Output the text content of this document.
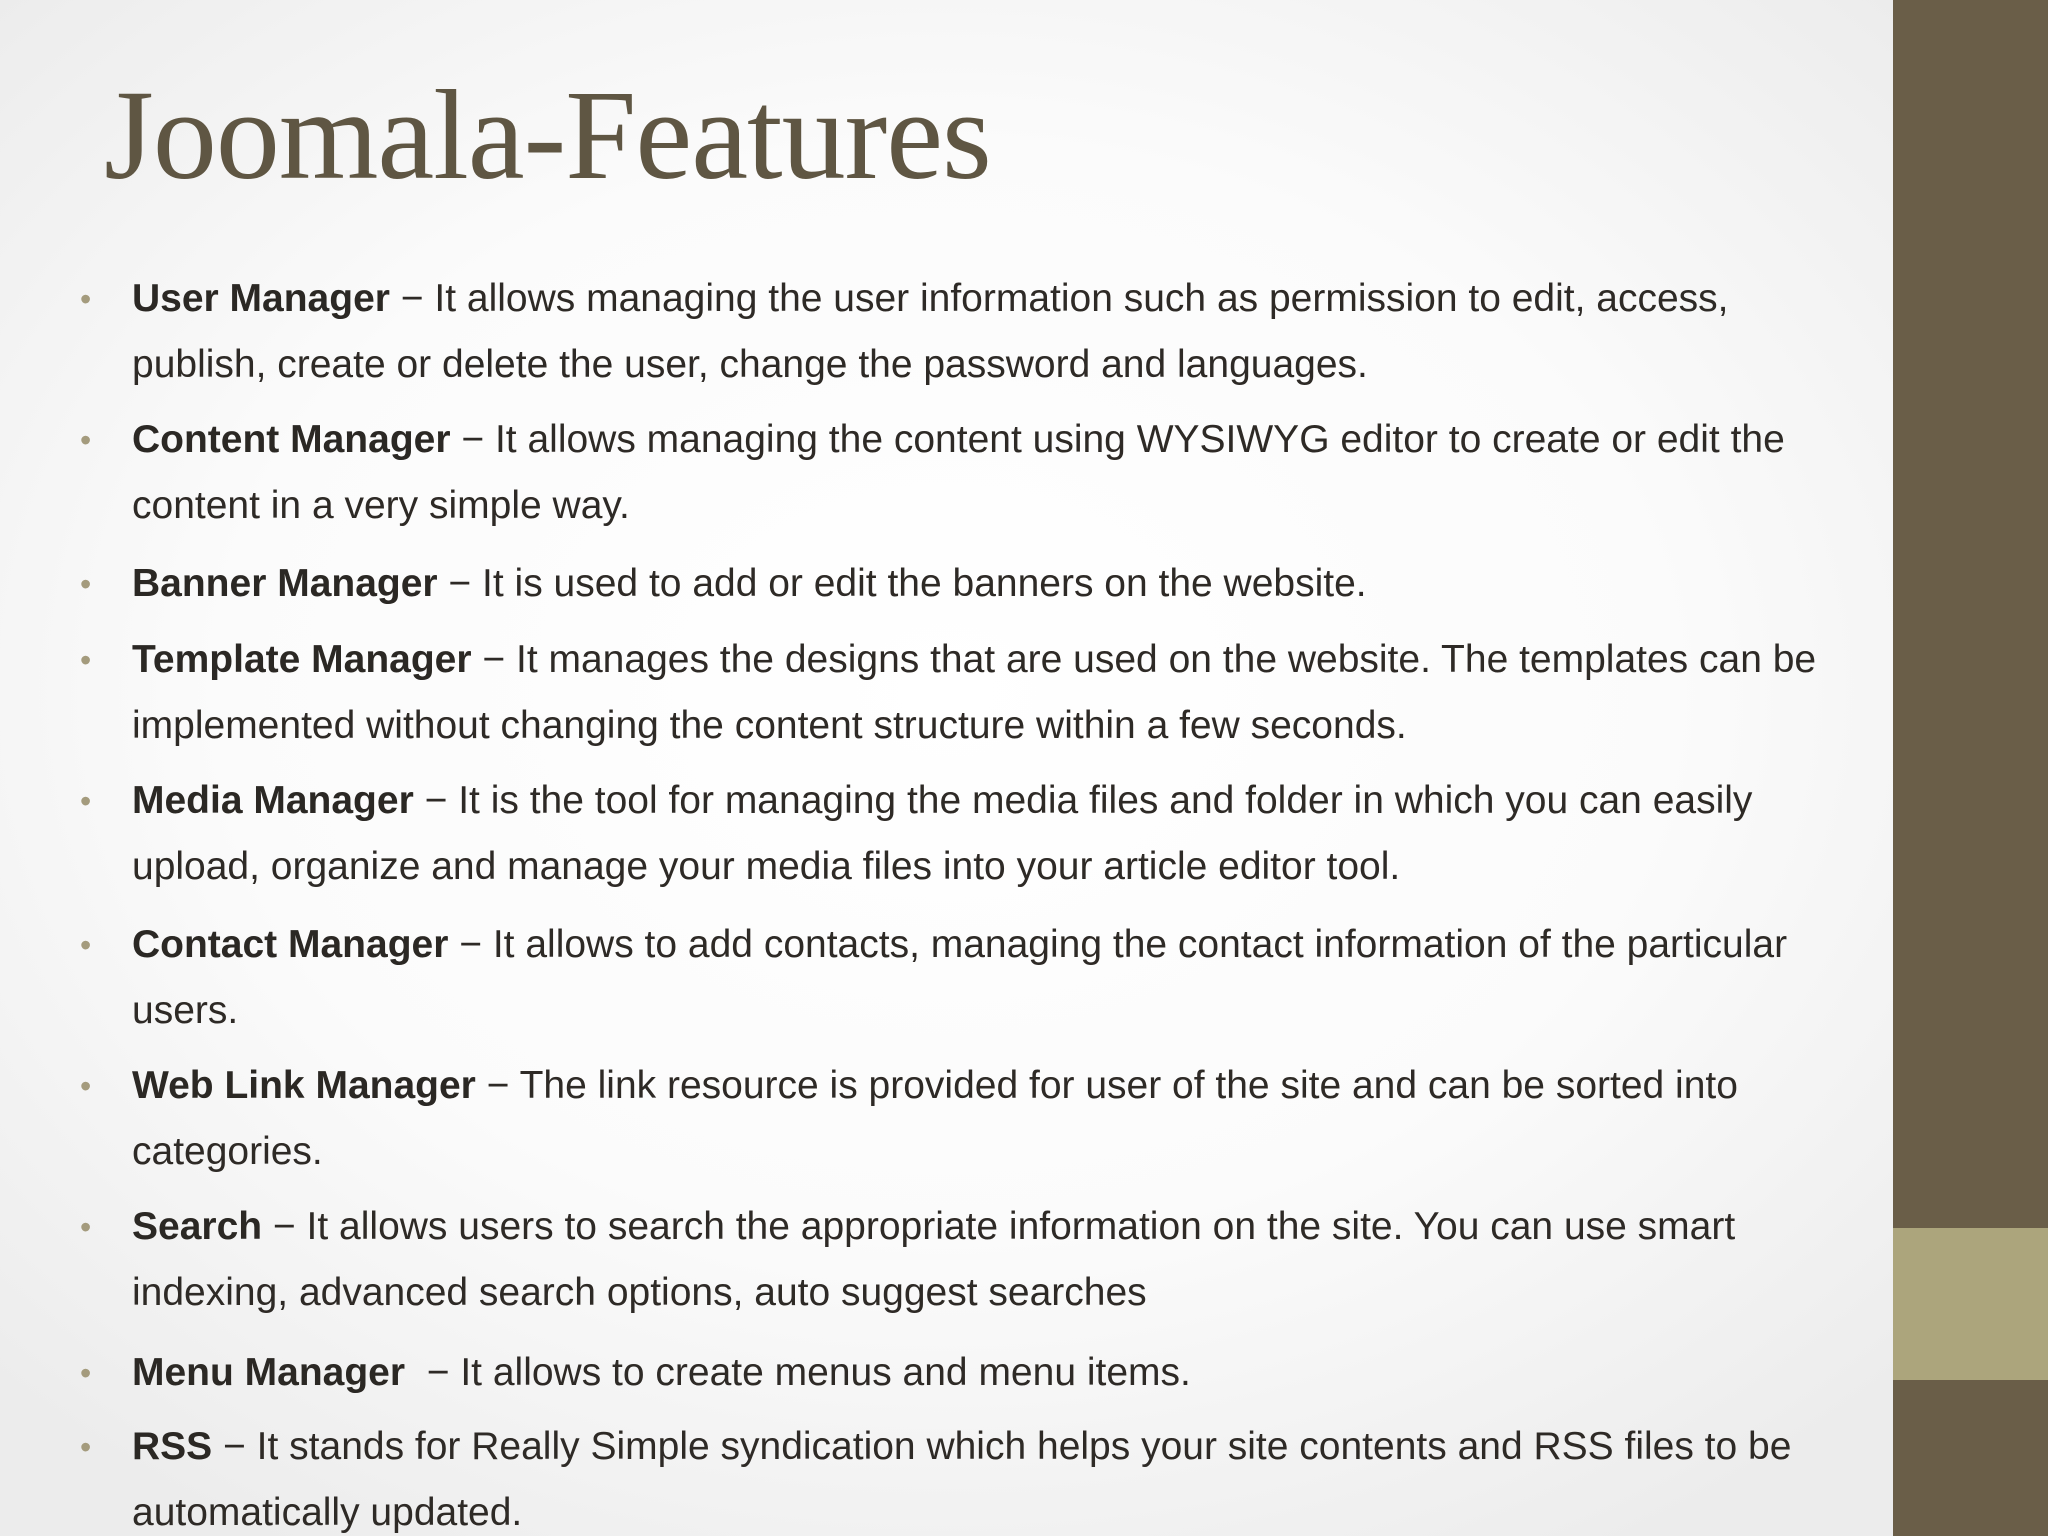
Joomala-Features
• User Manager − It allows managing the user information such as permission to edit, access, publish, create or delete the user, change the password and languages.
• Content Manager − It allows managing the content using WYSIWYG editor to create or edit the content in a very simple way.
• Banner Manager − It is used to add or edit the banners on the website.
• Template Manager − It manages the designs that are used on the website. The templates can be implemented without changing the content structure within a few seconds.
• Media Manager − It is the tool for managing the media files and folder in which you can easily upload, organize and manage your media files into your article editor tool.
• Contact Manager − It allows to add contacts, managing the contact information of the particular users.
• Web Link Manager − The link resource is provided for user of the site and can be sorted into categories.
• Search − It allows users to search the appropriate information on the site. You can use smart indexing, advanced search options, auto suggest searches
• Menu Manager  − It allows to create menus and menu items.
• RSS − It stands for Really Simple syndication which helps your site contents and RSS files to be automatically updated.
